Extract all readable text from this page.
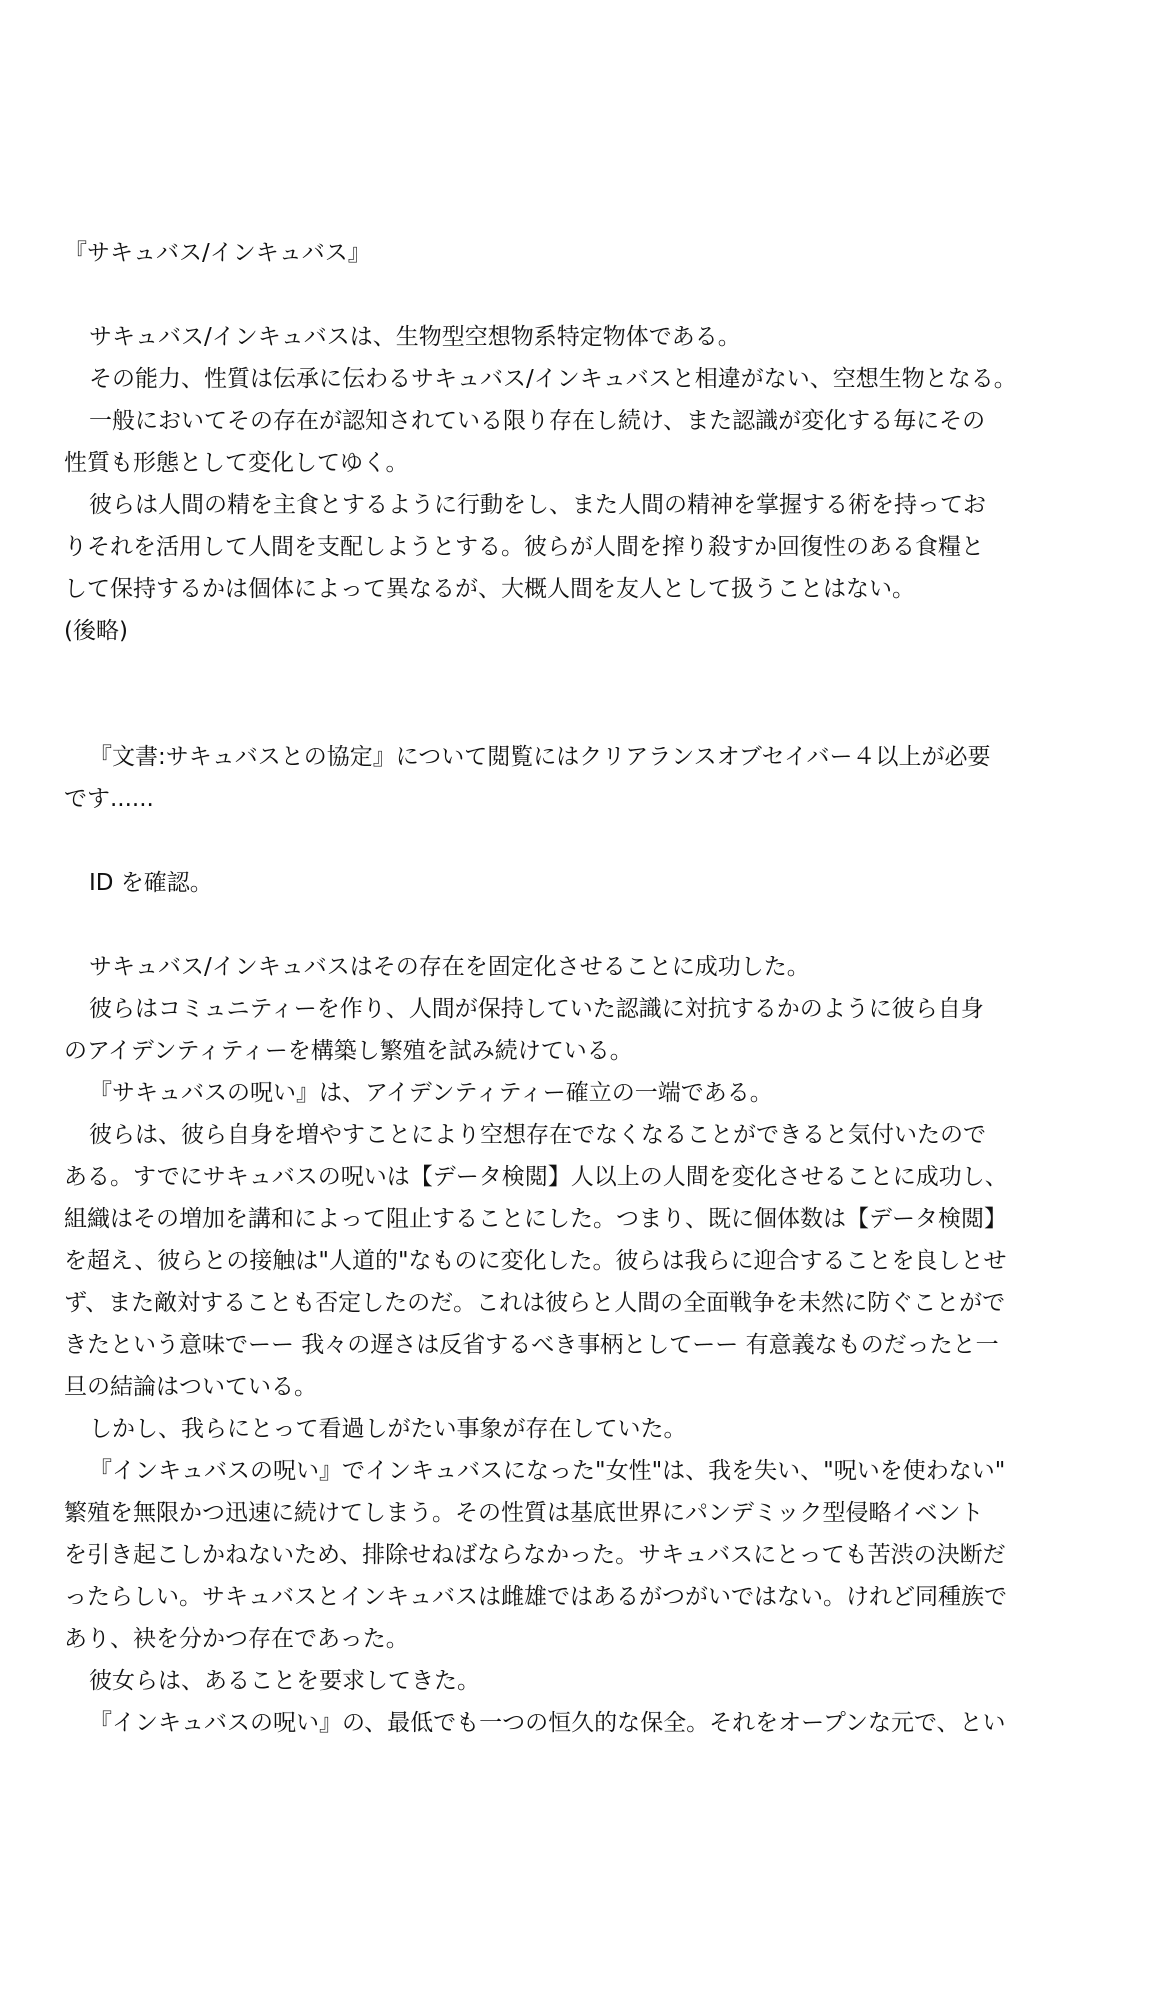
『サキュバス/インキュバス』
サキュバス/インキュバスは、生物型空想物系特定物体である。
その能力、性質は伝承に伝わるサキュバス/インキュバスと相違がない、空想生物となる。
一般においてその存在が認知されている限り存在し続け、また認識が変化する毎にその
性質も形態として変化してゆく。
彼らは人間の精を主食とするように行動をし、また人間の精神を掌握する術を持ってお
りそれを活用して人間を支配しようとする。彼らが人間を搾り殺すか回復性のある食糧と
して保持するかは個体によって異なるが、大概人間を友人として扱うことはない。
(後略)
『文書:サキュバスとの協定』について閲覧にはクリアランスオブセイバー４以上が必要
です......
ID を確認。
サキュバス/インキュバスはその存在を固定化させることに成功した。
彼らはコミュニティーを作り、人間が保持していた認識に対抗するかのように彼ら自身
のアイデンティティーを構築し繁殖を試み続けている。
『サキュバスの呪い』は、アイデンティティー確立の一端である。
彼らは、彼ら自身を増やすことにより空想存在でなくなることができると気付いたので
ある。すでにサキュバスの呪いは【データ検閲】人以上の人間を変化させることに成功し、
組織はその増加を講和によって阻止することにした。つまり、既に個体数は【データ検閲】
を超え、彼らとの接触は"人道的"なものに変化した。彼らは我らに迎合することを良しとせ
ず、また敵対することも否定したのだ。これは彼らと人間の全面戦争を未然に防ぐことがで
きたという意味でーー 我々の遅さは反省するべき事柄としてーー 有意義なものだったと一
旦の結論はついている。
しかし、我らにとって看過しがたい事象が存在していた。
『インキュバスの呪い』でインキュバスになった"女性"は、我を失い、"呪いを使わない"
繁殖を無限かつ迅速に続けてしまう。その性質は基底世界にパンデミック型侵略イベント
を引き起こしかねないため、排除せねばならなかった。サキュバスにとっても苦渋の決断だ
ったらしい。サキュバスとインキュバスは雌雄ではあるがつがいではない。けれど同種族で
あり、袂を分かつ存在であった。
彼女らは、あることを要求してきた。
『インキュバスの呪い』の、最低でも一つの恒久的な保全。それをオープンな元で、とい
